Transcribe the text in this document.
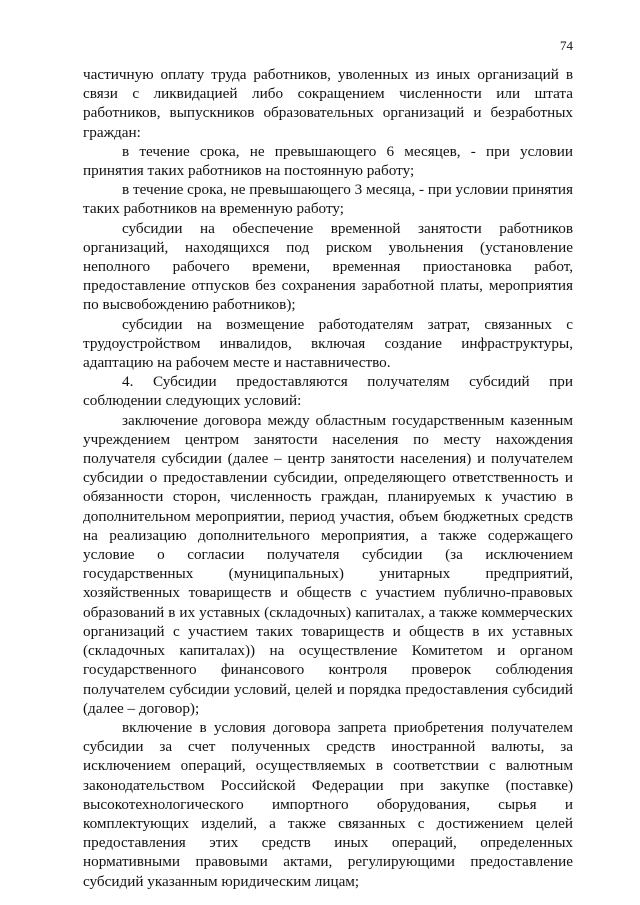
74

частичную оплату труда работников, уволенных из иных организаций в связи с ликвидацией либо сокращением численности или штата работников, выпускников образовательных организаций и безработных граждан:

в течение срока, не превышающего 6 месяцев, - при условии принятия таких работников на постоянную работу;

в течение срока, не превышающего 3 месяца, - при условии принятия таких работников на временную работу;

субсидии на обеспечение временной занятости работников организаций, находящихся под риском увольнения (установление неполного рабочего времени, временная приостановка работ, предоставление отпусков без сохранения заработной платы, мероприятия по высвобождению работников);

субсидии на возмещение работодателям затрат, связанных с трудоустройством инвалидов, включая создание инфраструктуры, адаптацию на рабочем месте и наставничество.

4. Субсидии предоставляются получателям субсидий при соблюдении следующих условий:

заключение договора между областным государственным казенным учреждением центром занятости населения по месту нахождения получателя субсидии (далее – центр занятости населения) и получателем субсидии о предоставлении субсидии, определяющего ответственность и обязанности сторон, численность граждан, планируемых к участию в дополнительном мероприятии, период участия, объем бюджетных средств на реализацию дополнительного мероприятия, а также содержащего условие о согласии получателя субсидии (за исключением государственных (муниципальных) унитарных предприятий, хозяйственных товариществ и обществ с участием публично-правовых образований в их уставных (складочных) капиталах, а также коммерческих организаций с участием таких товариществ и обществ в их уставных (складочных капиталах)) на осуществление Комитетом и органом государственного финансового контроля проверок соблюдения получателем субсидии условий, целей и порядка предоставления субсидий (далее – договор);

включение в условия договора запрета приобретения получателем субсидии за счет полученных средств иностранной валюты, за исключением операций, осуществляемых в соответствии с валютным законодательством Российской Федерации при закупке (поставке) высокотехнологического импортного оборудования, сырья и комплектующих изделий, а также связанных с достижением целей предоставления этих средств иных операций, определенных нормативными правовыми актами, регулирующими предоставление субсидий указанным юридическим лицам;
